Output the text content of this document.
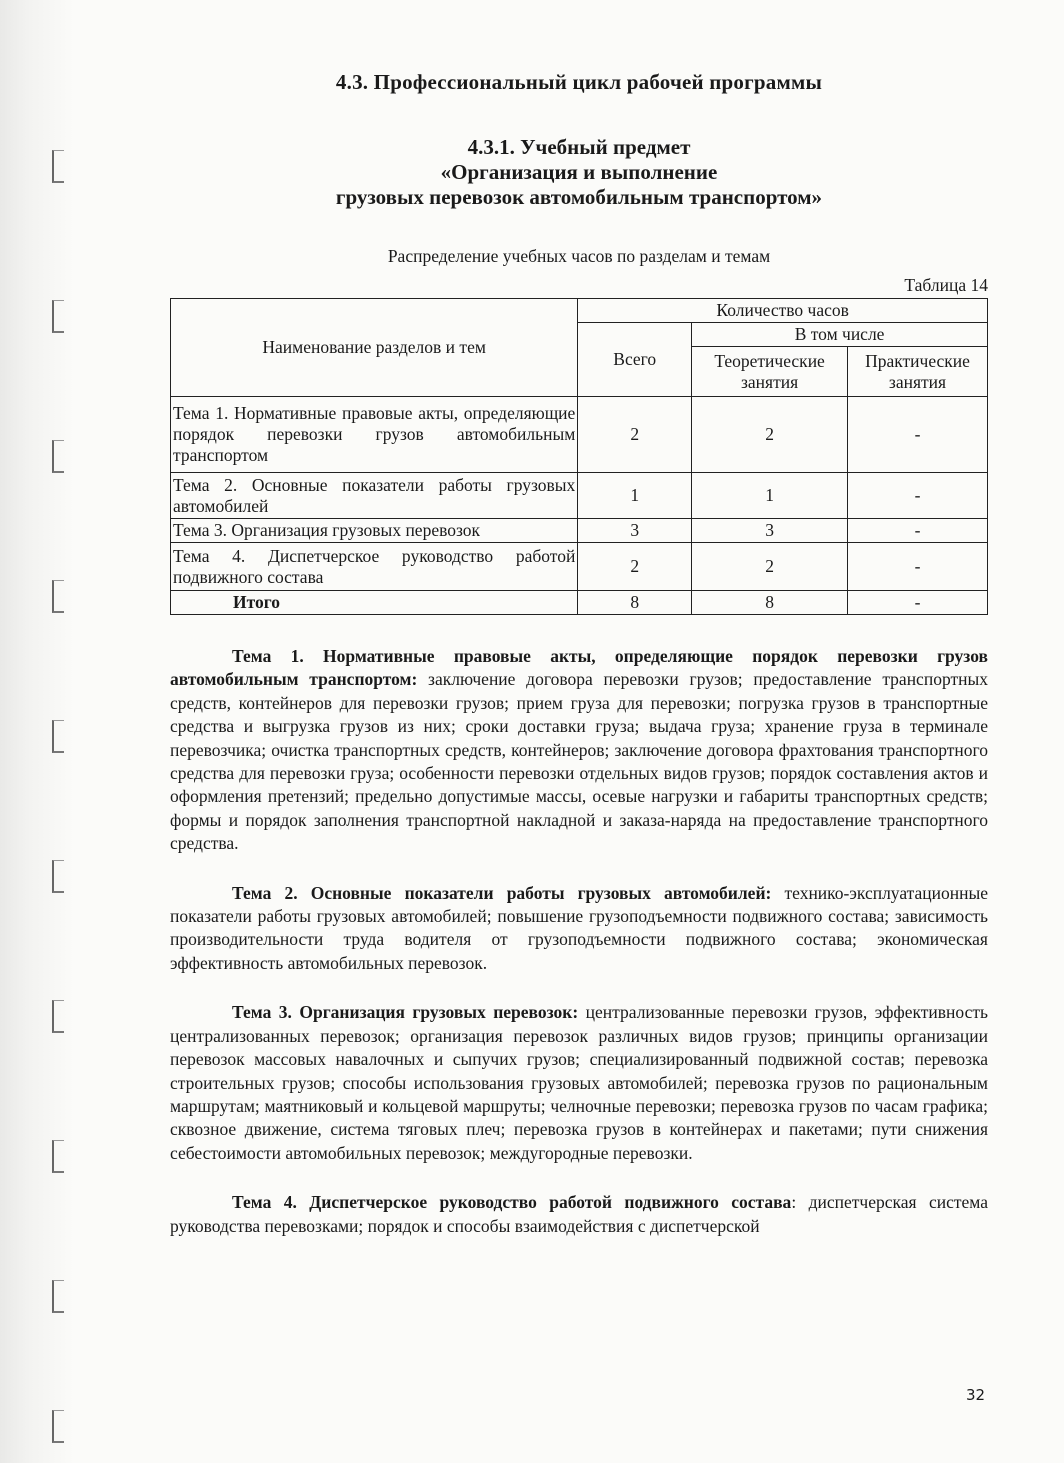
4.3. Профессиональный цикл рабочей программы
4.3.1. Учебный предмет
«Организация и выполнение
грузовых перевозок автомобильным транспортом»
Распределение учебных часов по разделам и темам
Таблица 14
Наименование разделов и тем	Количество часов		
	Всего	В том числе	
		Теоретические занятия	Практические занятия
Тема 1. Нормативные правовые акты, определяющие порядок перевозки грузов автомобильным транспортом	2	2	-
Тема 2. Основные показатели работы грузовых автомобилей	1	1	-
Тема 3. Организация грузовых перевозок	3	3	-
Тема 4. Диспетчерское руководство работой подвижного состава	2	2	-
Итого	8	8	-

Тема 1. Нормативные правовые акты, определяющие порядок перевозки грузов автомобильным транспортом: заключение договора перевозки грузов; предоставление транспортных средств, контейнеров для перевозки грузов; прием груза для перевозки; погрузка грузов в транспортные средства и выгрузка грузов из них; сроки доставки груза; выдача груза; хранение груза в терминале перевозчика; очистка транспортных средств, контейнеров; заключение договора фрахтования транспортного средства для перевозки груза; особенности перевозки отдельных видов грузов; порядок составления актов и оформления претензий; предельно допустимые массы, осевые нагрузки и габариты транспортных средств; формы и порядок заполнения транспортной накладной и заказа-наряда на предоставление транспортного средства.

Тема 2. Основные показатели работы грузовых автомобилей: технико-эксплуатационные показатели работы грузовых автомобилей; повышение грузоподъемности подвижного состава; зависимость производительности труда водителя от грузоподъемности подвижного состава; экономическая эффективность автомобильных перевозок.

Тема 3. Организация грузовых перевозок: централизованные перевозки грузов, эффективность централизованных перевозок; организация перевозок различных видов грузов; принципы организации перевозок массовых навалочных и сыпучих грузов; специализированный подвижной состав; перевозка строительных грузов; способы использования грузовых автомобилей; перевозка грузов по рациональным маршрутам; маятниковый и кольцевой маршруты; челночные перевозки; перевозка грузов по часам графика; сквозное движение, система тяговых плеч; перевозка грузов в контейнерах и пакетами; пути снижения себестоимости автомобильных перевозок; междугородные перевозки.

Тема 4. Диспетчерское руководство работой подвижного состава: диспетчерская система руководства перевозками; порядок и способы взаимодействия с диспетчерской

32
